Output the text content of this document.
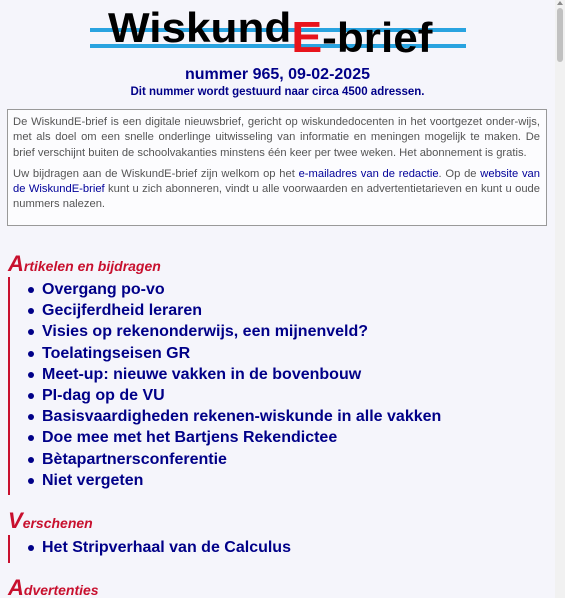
WiskundE-brief
nummer 965, 09-02-2025
Dit nummer wordt gestuurd naar circa 4500 adressen.

De WiskundE-brief is een digitale nieuwsbrief, gericht op wiskundedocenten in het voortgezet onder-wijs, met als doel om een snelle onderlinge uitwisseling van informatie en meningen mogelijk te maken. De brief verschijnt buiten de schoolvakanties minstens één keer per twee weken. Het abonnement is gratis.

Uw bijdragen aan de WiskundE-brief zijn welkom op het e-mailadres van de redactie. Op de website van de WiskundE-brief kunt u zich abonneren, vindt u alle voorwaarden en advertentietarieven en kunt u oude nummers nalezen.

Artikelen en bijdragen
Overgang po-vo
Gecijferdheid leraren
Visies op rekenonderwijs, een mijnenveld?
Toelatingseisen GR
Meet-up: nieuwe vakken in de bovenbouw
PI-dag op de VU
Basisvaardigheden rekenen-wiskunde in alle vakken
Doe mee met het Bartjens Rekendictee
Bètapartnersconferentie
Niet vergeten
Verschenen
Het Stripverhaal van de Calculus
Advertenties
